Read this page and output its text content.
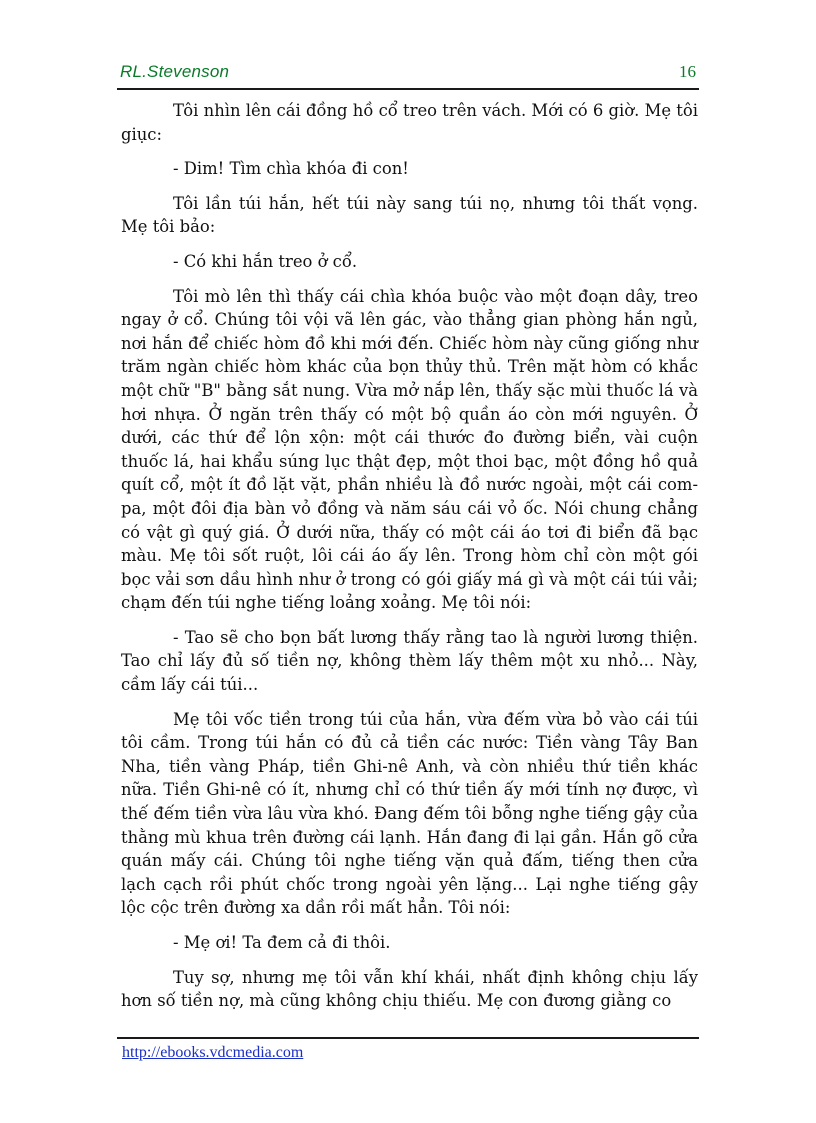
RL.Stevenson	16

Tôi nhìn lên cái đồng hồ cổ treo trên vách. Mới có 6 giờ. Mẹ tôi giục:

- Dim! Tìm chìa khóa đi con!

Tôi lần túi hắn, hết túi này sang túi nọ, nhưng tôi thất vọng. Mẹ tôi bảo:

- Có khi hắn treo ở cổ.

Tôi mò lên thì thấy cái chìa khóa buộc vào một đoạn dây, treo ngay ở cổ. Chúng tôi vội vã lên gác, vào thẳng gian phòng hắn ngủ, nơi hắn để chiếc hòm đồ khi mới đến. Chiếc hòm này cũng giống như trăm ngàn chiếc hòm khác của bọn thủy thủ. Trên mặt hòm có khắc một chữ "B" bằng sắt nung. Vừa mở nắp lên, thấy sặc mùi thuốc lá và hơi nhựa. Ở ngăn trên thấy có một bộ quần áo còn mới nguyên. Ở dưới, các thứ để lộn xộn: một cái thước đo đường biển, vài cuộn thuốc lá, hai khẩu súng lục thật đẹp, một thoi bạc, một đồng hồ quả quít cổ, một ít đồ lặt vặt, phần nhiều là đồ nước ngoài, một cái com-pa, một đôi địa bàn vỏ đồng và năm sáu cái vỏ ốc. Nói chung chẳng có vật gì quý giá. Ở dưới nữa, thấy có một cái áo tơi đi biển đã bạc màu. Mẹ tôi sốt ruột, lôi cái áo ấy lên. Trong hòm chỉ còn một gói bọc vải sơn dầu hình như ở trong có gói giấy má gì và một cái túi vải; chạm đến túi nghe tiếng loảng xoảng. Mẹ tôi nói:

- Tao sẽ cho bọn bất lương thấy rằng tao là người lương thiện. Tao chỉ lấy đủ số tiền nợ, không thèm lấy thêm một xu nhỏ... Này, cầm lấy cái túi...

Mẹ tôi vốc tiền trong túi của hắn, vừa đếm vừa bỏ vào cái túi tôi cầm. Trong túi hắn có đủ cả tiền các nước: Tiền vàng Tây Ban Nha, tiền vàng Pháp, tiền Ghi-nê Anh, và còn nhiều thứ tiền khác nữa. Tiền Ghi-nê có ít, nhưng chỉ có thứ tiền ấy mới tính nợ được, vì thế đếm tiền vừa lâu vừa khó. Đang đếm tôi bỗng nghe tiếng gậy của thằng mù khua trên đường cái lạnh. Hắn đang đi lại gần. Hắn gõ cửa quán mấy cái. Chúng tôi nghe tiếng vặn quả đấm, tiếng then cửa lạch cạch rồi phút chốc trong ngoài yên lặng... Lại nghe tiếng gậy lộc cộc trên đường xa dần rồi mất hẳn. Tôi nói:

- Mẹ ơi! Ta đem cả đi thôi.

Tuy sợ, nhưng mẹ tôi vẫn khí khái, nhất định không chịu lấy hơn số tiền nợ, mà cũng không chịu thiếu. Mẹ con đương giằng co

http://ebooks.vdcmedia.com
